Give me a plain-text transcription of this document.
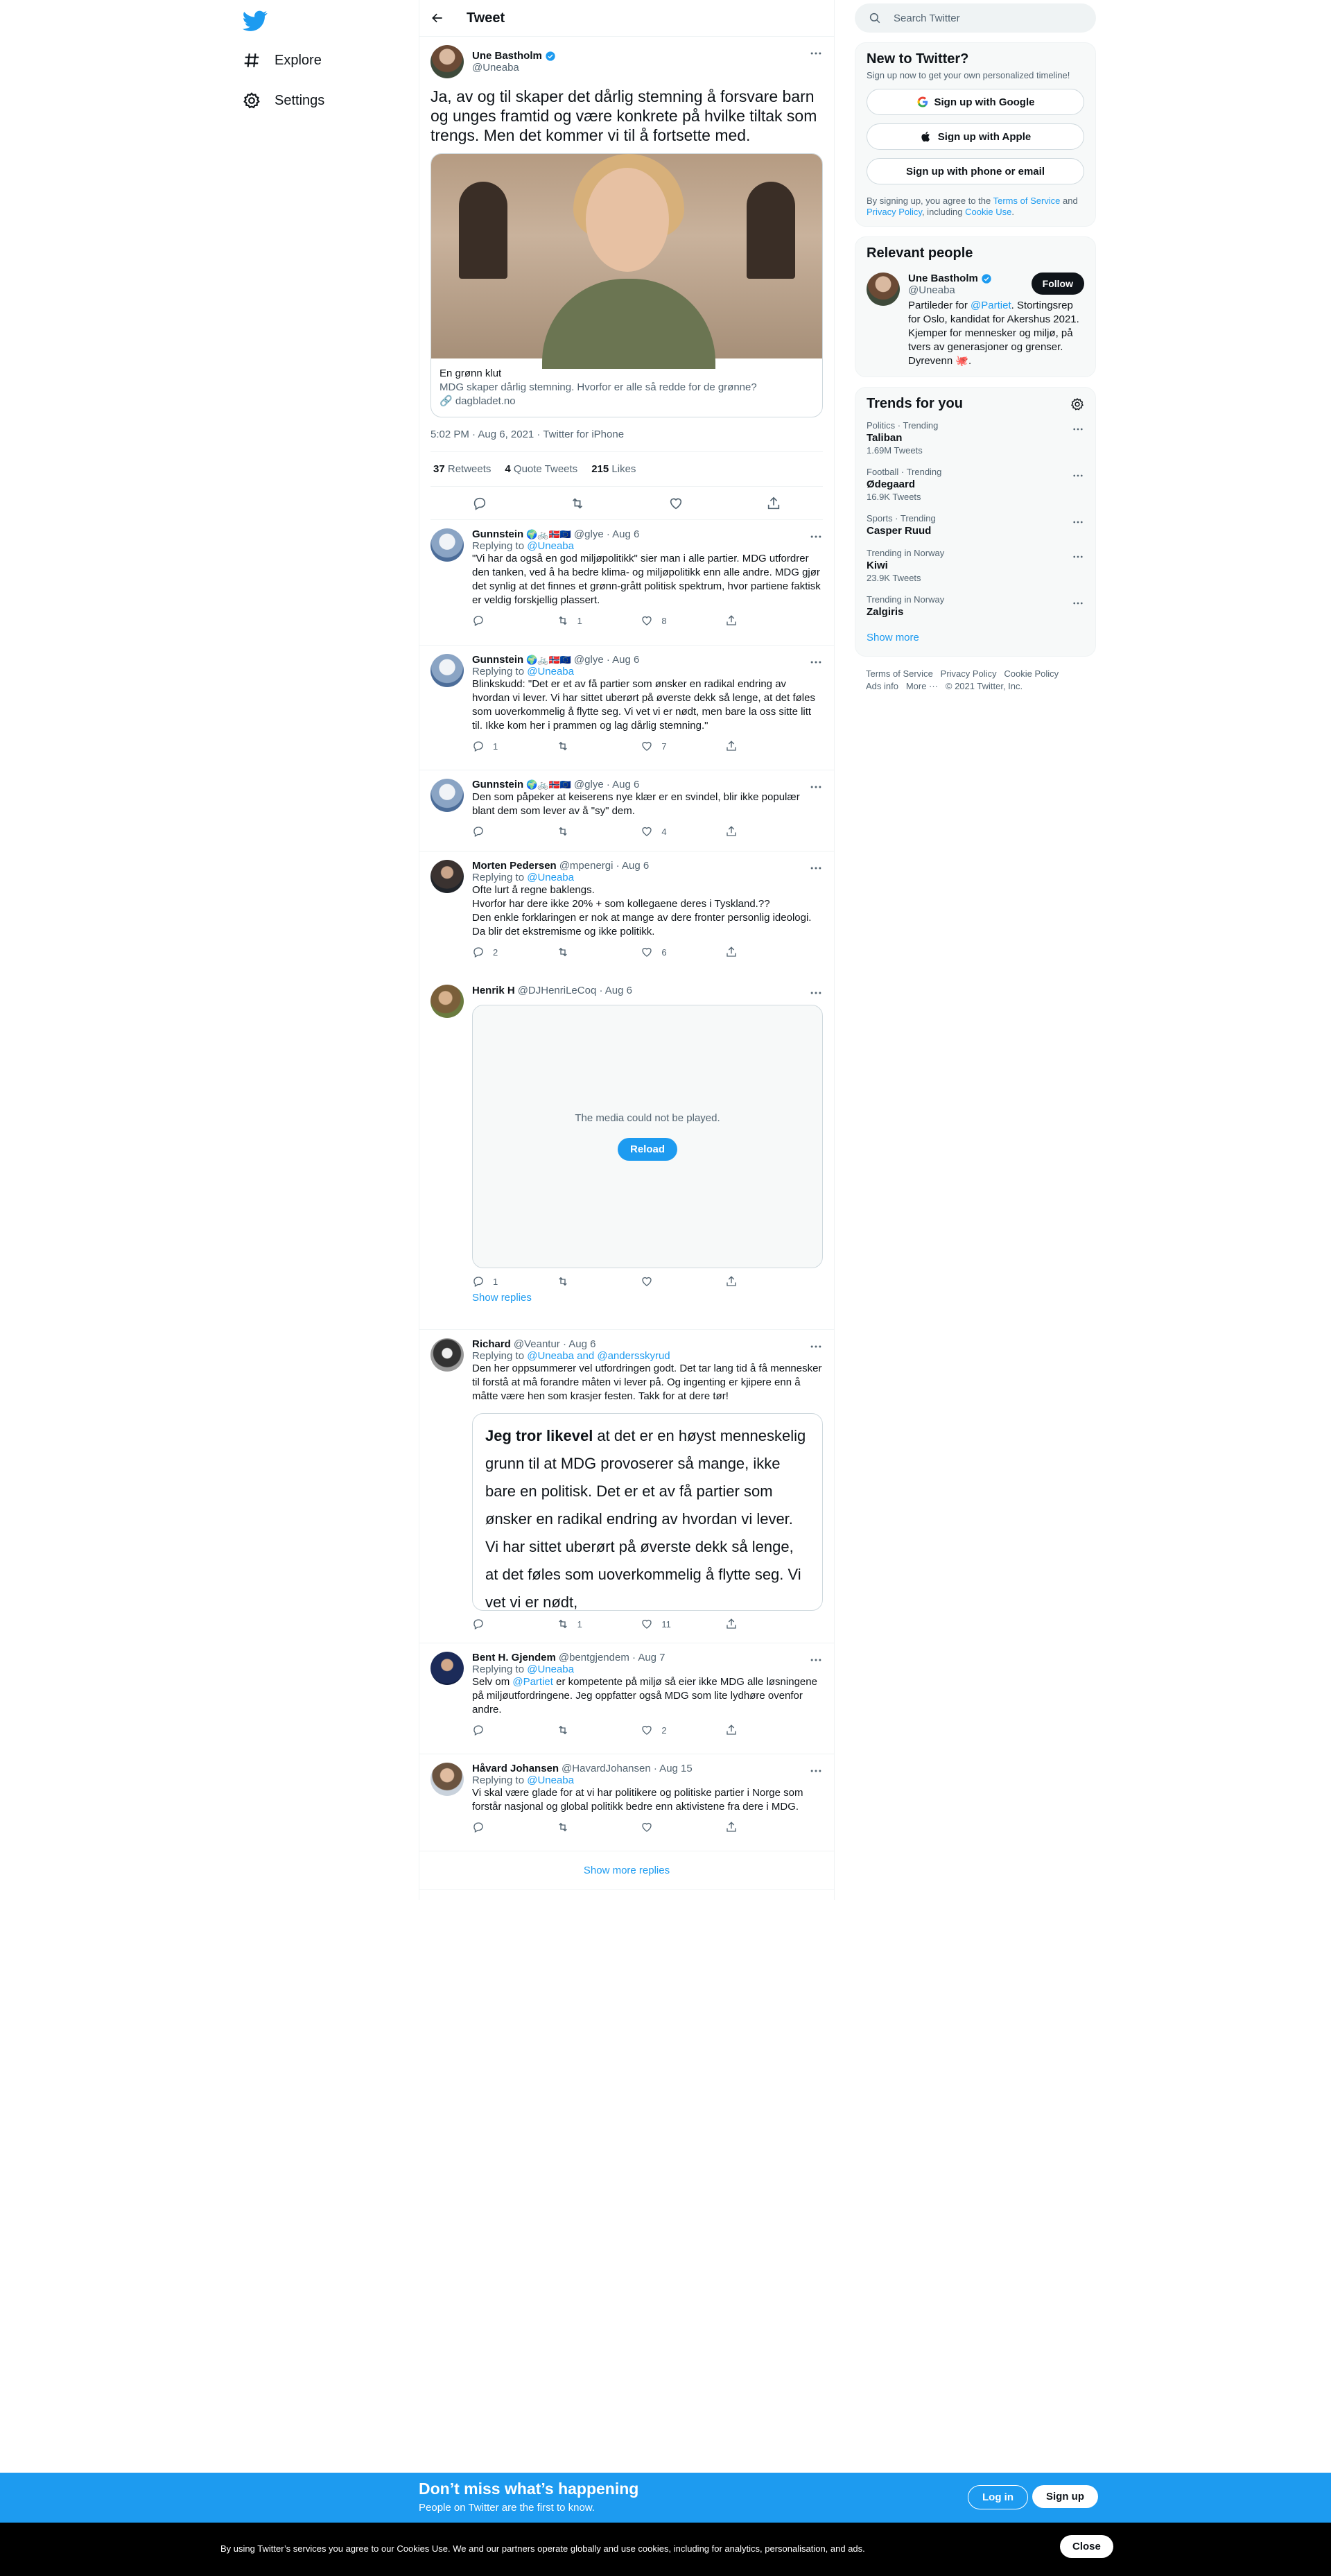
Explore
Settings
Tweet
Une Bastholm
@Uneaba
Ja, av og til skaper det dårlig stemning å forsvare barn og unges framtid og være konkrete på hvilke tiltak som trengs. Men det kommer vi til å fortsette med.
En grønn klut
MDG skaper dårlig stemning. Hvorfor er alle så redde for de grønne?
🔗 dagbladet.no
5:02 PM · Aug 6, 2021 · Twitter for iPhone
37 Retweets 4 Quote Tweets 215 Likes
Gunnstein 🌍🚲🇳🇴🇪🇺 @glye · Aug 6
Replying to @Uneaba
"Vi har da også en god miljøpolitikk" sier man i alle partier. MDG utfordrer den tanken, ved å ha bedre klima- og miljøpolitikk enn alle andre. MDG gjør det synlig at det finnes et grønn-grått politisk spektrum, hvor partiene faktisk er veldig forskjellig plassert.
1	8
Gunnstein 🌍🚲🇳🇴🇪🇺 @glye · Aug 6
Replying to @Uneaba
Blinkskudd: "Det er et av få partier som ønsker en radikal endring av hvordan vi lever. Vi har sittet uberørt på øverste dekk så lenge, at det føles som uoverkommelig å flytte seg. Vi vet vi er nødt, men bare la oss sitte litt til. Ikke kom her i prammen og lag dårlig stemning."
1	7
Gunnstein 🌍🚲🇳🇴🇪🇺 @glye · Aug 6
Den som påpeker at keiserens nye klær er en svindel, blir ikke populær blant dem som lever av å "sy" dem.
4
Morten Pedersen @mpenergi · Aug 6
Replying to @Uneaba
Ofte lurt å regne baklengs.
Hvorfor har dere ikke 20% + som kollegaene deres i Tyskland.??
Den enkle forklaringen er nok at mange av dere fronter personlig ideologi.
Da blir det ekstremisme og ikke politikk.
2	6
Henrik H @DJHenriLeCoq · Aug 6
The media could not be played.
Reload
1
Show replies
Richard @Veantur · Aug 6
Replying to @Uneaba and @andersskyrud
Den her oppsummerer vel utfordringen godt. Det tar lang tid å få mennesker til forstå at må forandre måten vi lever på. Og ingenting er kjipere enn å måtte være hen som krasjer festen. Takk for at dere tør!
Jeg tror likevel at det er en høyst menneskelig grunn til at MDG provoserer så mange, ikke bare en politisk. Det er et av få partier som ønsker en radikal endring av hvordan vi lever. Vi har sittet uberørt på øverste dekk så lenge, at det føles som uoverkommelig å flytte seg. Vi vet vi er nødt,
1	11
Bent H. Gjendem @bentgjendem · Aug 7
Replying to @Uneaba
Selv om @Partiet er kompetente på miljø så eier ikke MDG alle løsningene på miljøutfordringene. Jeg oppfatter også MDG som lite lydhøre ovenfor andre.
2
Håvard Johansen @HavardJohansen · Aug 15
Replying to @Uneaba
Vi skal være glade for at vi har politikere og politiske partier i Norge som forstår nasjonal og global politikk bedre enn aktivistene fra dere i MDG.
Show more replies
Search Twitter
New to Twitter?
Sign up now to get your own personalized timeline!
Sign up with Google
Sign up with Apple
Sign up with phone or email
By signing up, you agree to the Terms of Service and Privacy Policy, including Cookie Use.
Relevant people
Une Bastholm
@Uneaba
Follow
Partileder for @Partiet. Stortingsrep for Oslo, kandidat for Akershus 2021. Kjemper for mennesker og miljø, på tvers av generasjoner og grenser. Dyrevenn 🐙.
Trends for you
Politics · Trending
Taliban
1.69M Tweets
Football · Trending
Ødegaard
16.9K Tweets
Sports · Trending
Casper Ruud
Trending in Norway
Kiwi
23.9K Tweets
Trending in Norway
Zalgiris
Show more
Terms of Service Privacy Policy Cookie Policy
Ads info More ··· © 2021 Twitter, Inc.
Don’t miss what’s happening
People on Twitter are the first to know.
Log in	Sign up
By using Twitter’s services you agree to our Cookies Use. We and our partners operate globally and use cookies, including for analytics, personalisation, and ads.	Close
